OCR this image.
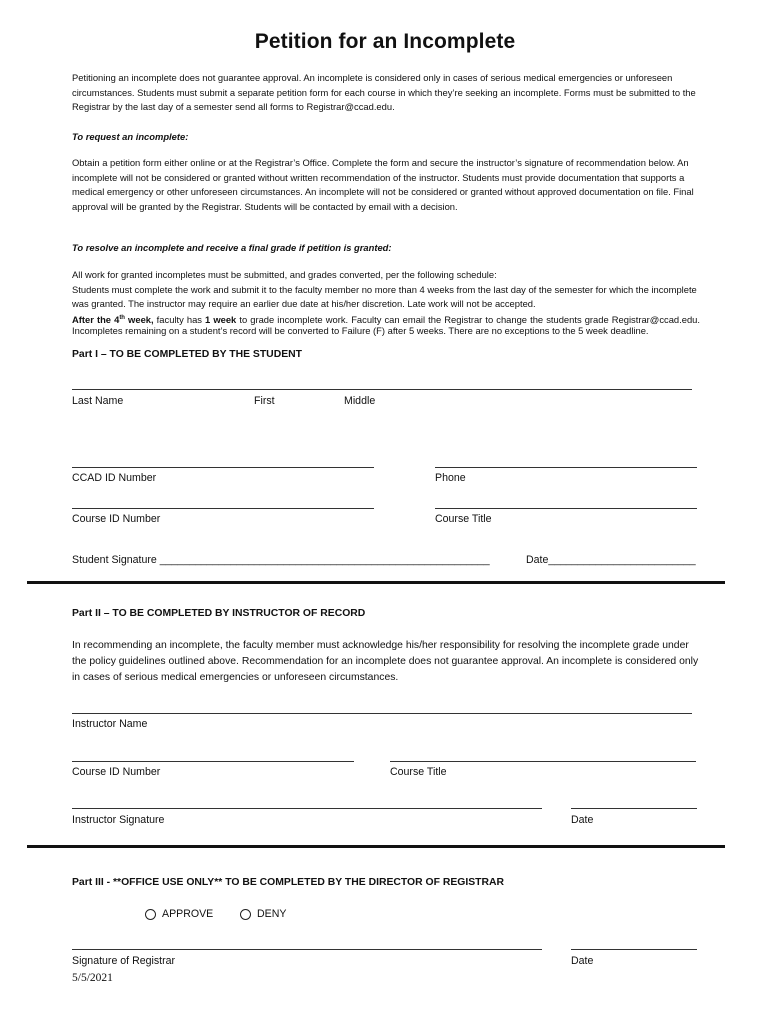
Petition for an Incomplete

Petitioning an incomplete does not guarantee approval. An incomplete is considered only in cases of serious medical emergencies or unforeseen circumstances. Students must submit a separate petition form for each course in which they’re seeking an incomplete. Forms must be submitted to the Registrar by the last day of a semester send all forms to Registrar@ccad.edu.

To request an incomplete:

Obtain a petition form either online or at the Registrar’s Office. Complete the form and secure the instructor’s signature of recommendation below. An incomplete will not be considered or granted without written recommendation of the instructor. Students must provide documentation that supports a medical emergency or other unforeseen circumstances. An incomplete will not be considered or granted without approved documentation on file. Final approval will be granted by the Registrar. Students will be contacted by email with a decision.

To resolve an incomplete and receive a final grade if petition is granted:

All work for granted incompletes must be submitted, and grades converted, per the following schedule:

Students must complete the work and submit it to the faculty member no more than 4 weeks from the last day of the semester for which the incomplete was granted. The instructor may require an earlier due date at his/her discretion. Late work will not be accepted.

After the 4th week, faculty has 1 week to grade incomplete work. Faculty can email the Registrar to change the students grade Registrar@ccad.edu. Incompletes remaining on a student’s record will be converted to Failure (F) after 5 weeks. There are no exceptions to the 5 week deadline.

Part I – TO BE COMPLETED BY THE STUDENT
Last Name	First	Middle
CCAD ID Number	Phone
Course ID Number	Course Title
Student Signature ________________________________________________________	Date_________________________
Part II – TO BE COMPLETED BY INSTRUCTOR OF RECORD
In recommending an incomplete, the faculty member must acknowledge his/her responsibility for resolving the incomplete grade under the policy guidelines outlined above. Recommendation for an incomplete does not guarantee approval. An incomplete is considered only in cases of serious medical emergencies or unforeseen circumstances.
Instructor Name
Course ID Number	Course Title
Instructor Signature	Date
Part III - **OFFICE USE ONLY** TO BE COMPLETED BY THE DIRECTOR OF REGISTRAR
APPROVE	DENY
Signature of Registrar	Date
5/5/2021
